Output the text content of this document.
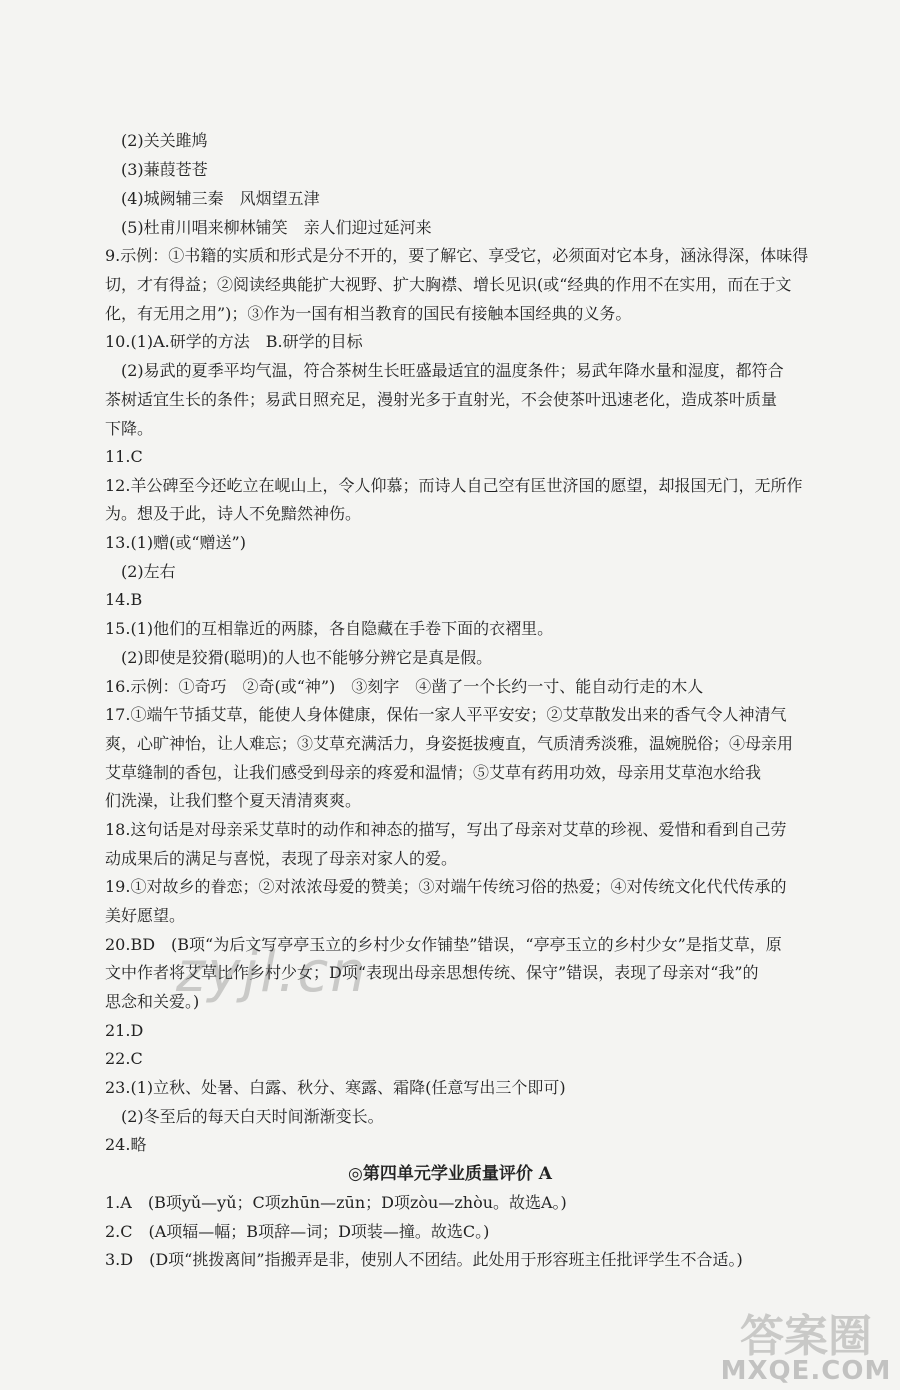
(2)关关雎鸠
(3)蒹葭苍苍
(4)城阙辅三秦　风烟望五津
(5)杜甫川唱来柳林铺笑　亲人们迎过延河来
9.示例：①书籍的实质和形式是分不开的，要了解它、享受它，必须面对它本身，涵泳得深，体味得
切，才有得益；②阅读经典能扩大视野、扩大胸襟、增长见识(或“经典的作用不在实用，而在于文
化，有无用之用”)；③作为一国有相当教育的国民有接触本国经典的义务。
10.(1)A.研学的方法　B.研学的目标
(2)易武的夏季平均气温，符合茶树生长旺盛最适宜的温度条件；易武年降水量和湿度，都符合
茶树适宜生长的条件；易武日照充足，漫射光多于直射光，不会使茶叶迅速老化，造成茶叶质量
下降。
11.C
12.羊公碑至今还屹立在岘山上，令人仰慕；而诗人自己空有匡世济国的愿望，却报国无门，无所作
为。想及于此，诗人不免黯然神伤。
13.(1)赠(或“赠送”)
(2)左右
14.B
15.(1)他们的互相靠近的两膝，各自隐藏在手卷下面的衣褶里。
(2)即使是狡猾(聪明)的人也不能够分辨它是真是假。
16.示例：①奇巧　②奇(或“神”)　③刻字　④凿了一个长约一寸、能自动行走的木人
17.①端午节插艾草，能使人身体健康，保佑一家人平平安安；②艾草散发出来的香气令人神清气
爽，心旷神怡，让人难忘；③艾草充满活力，身姿挺拔瘦直，气质清秀淡雅，温婉脱俗；④母亲用
艾草缝制的香包，让我们感受到母亲的疼爱和温情；⑤艾草有药用功效，母亲用艾草泡水给我
们洗澡，让我们整个夏天清清爽爽。
18.这句话是对母亲采艾草时的动作和神态的描写，写出了母亲对艾草的珍视、爱惜和看到自己劳
动成果后的满足与喜悦，表现了母亲对家人的爱。
19.①对故乡的眷恋；②对浓浓母爱的赞美；③对端午传统习俗的热爱；④对传统文化代代传承的
美好愿望。
20.BD　(B项“为后文写亭亭玉立的乡村少女作铺垫”错误，“亭亭玉立的乡村少女”是指艾草，原
文中作者将艾草比作乡村少女；D项“表现出母亲思想传统、保守”错误，表现了母亲对“我”的
思念和关爱。)
21.D
22.C
23.(1)立秋、处暑、白露、秋分、寒露、霜降(任意写出三个即可)
(2)冬至后的每天白天时间渐渐变长。
24.略
◎第四单元学业质量评价 A
1.A　(B项yǔ—yǔ；C项zhūn—zūn；D项zòu—zhòu。故选A。)
2.C　(A项辐—幅；B项辞—词；D项装—撞。故选C。)
3.D　(D项“挑拨离间”指搬弄是非，使别人不团结。此处用于形容班主任批评学生不合适。)
zyjl.cn
答案圈
MXQE.COM
